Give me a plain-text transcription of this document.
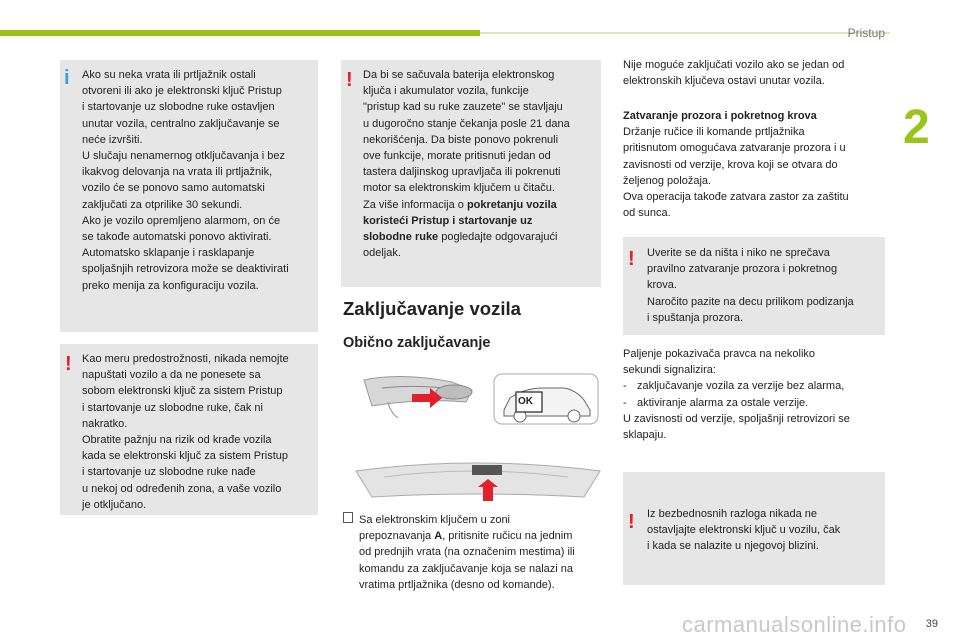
Pristup
2
i Ako su neka vrata ili prtljažnik ostali

otvoreni ili ako je elektronski ključ Pristup

i startovanje uz slobodne ruke ostavljen

unutar vozila, centralno zaključavanje se

neće izvršiti.

U slučaju nenamernog otključavanja i bez

ikakvog delovanja na vrata ili prtljažnik,

vozilo će se ponovo samo automatski

zaključati za otprilike 30 sekundi.

Ako je vozilo opremljeno alarmom, on će

se takođe automatski ponovo aktivirati.

Automatsko sklapanje i rasklapanje

spoljašnjih retrovizora može se deaktivirati

preko menija za konfiguraciju vozila.

! Kao meru predostrožnosti, nikada nemojte

napuštati vozilo a da ne ponesete sa

sobom elektronski ključ za sistem Pristup

i startovanje uz slobodne ruke, čak ni

nakratko.

Obratite pažnju na rizik od krađe vozila

kada se elektronski ključ za sistem Pristup

i startovanje uz slobodne ruke nađe

u nekoj od određenih zona, a vaše vozilo

je otključano.

! Da bi se sačuvala baterija elektronskog

ključa i akumulator vozila, funkcije

"pristup kad su ruke zauzete" se stavljaju

u dugoročno stanje čekanja posle 21 dana

nekorišćenja. Da biste ponovo pokrenuli

ove funkcije, morate pritisnuti jedan od

tastera daljinskog upravljača ili pokrenuti

motor sa elektronskim ključem u čitaču.

Za više informacija o pokretanju vozila

koristeći Pristup i startovanje uz

slobodne ruke pogledajte odgovarajući

odeljak.

Zaključavanje vozila
Obično zaključavanje
OK

Sa elektronskim ključem u zoni

prepoznavanja A, pritisnite ručicu na jednim

od prednjih vrata (na označenim mestima) ili

komandu za zaključavanje koja se nalazi na

vratima prtljažnika (desno od komande).

Nije moguće zaključati vozilo ako se jedan od

elektronskih ključeva ostavi unutar vozila.

Zatvaranje prozora i pokretnog krova

Držanje ručice ili komande prtljažnika

pritisnutom omogućava zatvaranje prozora i u

zavisnosti od verzije, krova koji se otvara do

željenog položaja.

Ova operacija takođe zatvara zastor za zaštitu

od sunca.

! Uverite se da ništa i niko ne sprečava

pravilno zatvaranje prozora i pokretnog

krova.

Naročito pazite na decu prilikom podizanja

i spuštanja prozora.

Paljenje pokazivača pravca na nekoliko

sekundi signalizira:

- zaključavanje vozila za verzije bez alarma,
- aktiviranje alarma za ostale verzije.

U zavisnosti od verzije, spoljašnji retrovizori se

sklapaju.

! Iz bezbednosnih razloga nikada ne

ostavljajte elektronski ključ u vozilu, čak

i kada se nalazite u njegovoj blizini.

carmanualsonline.info 39
